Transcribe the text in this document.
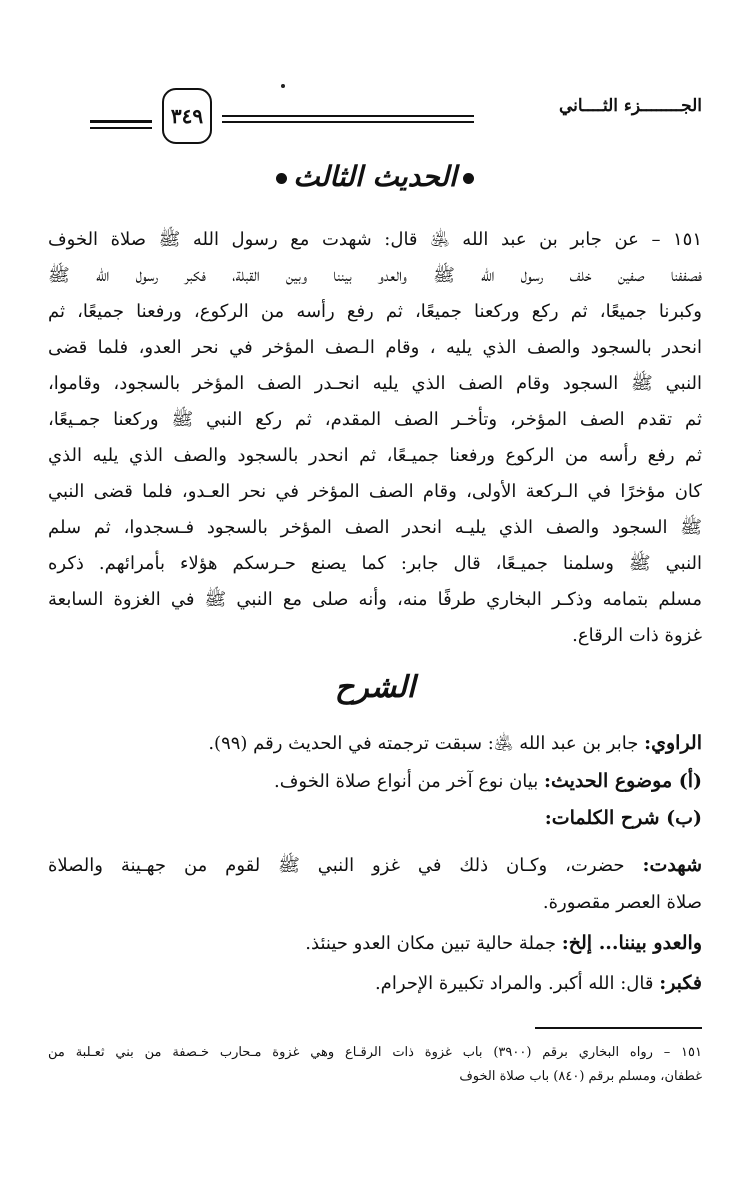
الجــــــــزء الثــــاني
٣٤٩
الحديث الثالث
١٥١ – عن جابر بن عبد الله ﵁ قال: شهدت مع رسول الله ﷺ صلاة الخوف
فصففنا صفين خلف رسول الله ﷺ والعدو بيننا وبين القبلة، فكبر رسول الله ﷺ
وكبرنا جميعًا، ثم ركع وركعنا جميعًا، ثم رفع رأسه من الركوع، ورفعنا جميعًا، ثم
انحدر بالسجود والصف الذي يليه ، وقام الـصف المؤخر في نحر العدو، فلما قضى
النبي ﷺ السجود وقام الصف الذي يليه انحـدر الصف المؤخر بالسجود، وقاموا،
ثم تقدم الصف المؤخر، وتأخـر الصف المقدم، ثم ركع النبي ﷺ وركعنا جمـيعًا،
ثم رفع رأسه من الركوع ورفعنا جميـعًا، ثم انحدر بالسجود والصف الذي يليه الذي
كان مؤخرًا في الـركعة الأولى، وقام الصف المؤخر في نحر العـدو، فلما قضى النبي
ﷺ السجود والصف الذي يليـه انحدر الصف المؤخر بالسجود فـسجدوا، ثم سلم
النبي ﷺ وسلمنا جميـعًا، قال جابر: كما يصنع حـرسكم هؤلاء بأمرائهم. ذكره
مسلم بتمامه وذكـر البخاري طرفًا منه، وأنه صلى مع النبي ﷺ في الغزوة السابعة
غزوة ذات الرقاع.
الشرح
الراوي: جابر بن عبد الله ﵁: سبقت ترجمته في الحديث رقم (٩٩).
(أ) موضوع الحديث: بيان نوع آخر من أنواع صلاة الخوف.
(ب) شرح الكلمات:
شهدت: حضرت، وكـان ذلك في غزو النبي ﷺ لقوم من جهـينة والصلاة
صلاة العصر مقصورة.
والعدو بيننا... إلخ: جملة حالية تبين مكان العدو حينئذ.
فكبر: قال: الله أكبر. والمراد تكبيرة الإحرام.
١٥١ – رواه البخاري برقم (٣٩٠٠) باب غزوة ذات الرقـاع وهي غزوة مـحارب خـصفة من بني ثعـلبة من
غطفان، ومسلم برقم (٨٤٠) باب صلاة الخوف
